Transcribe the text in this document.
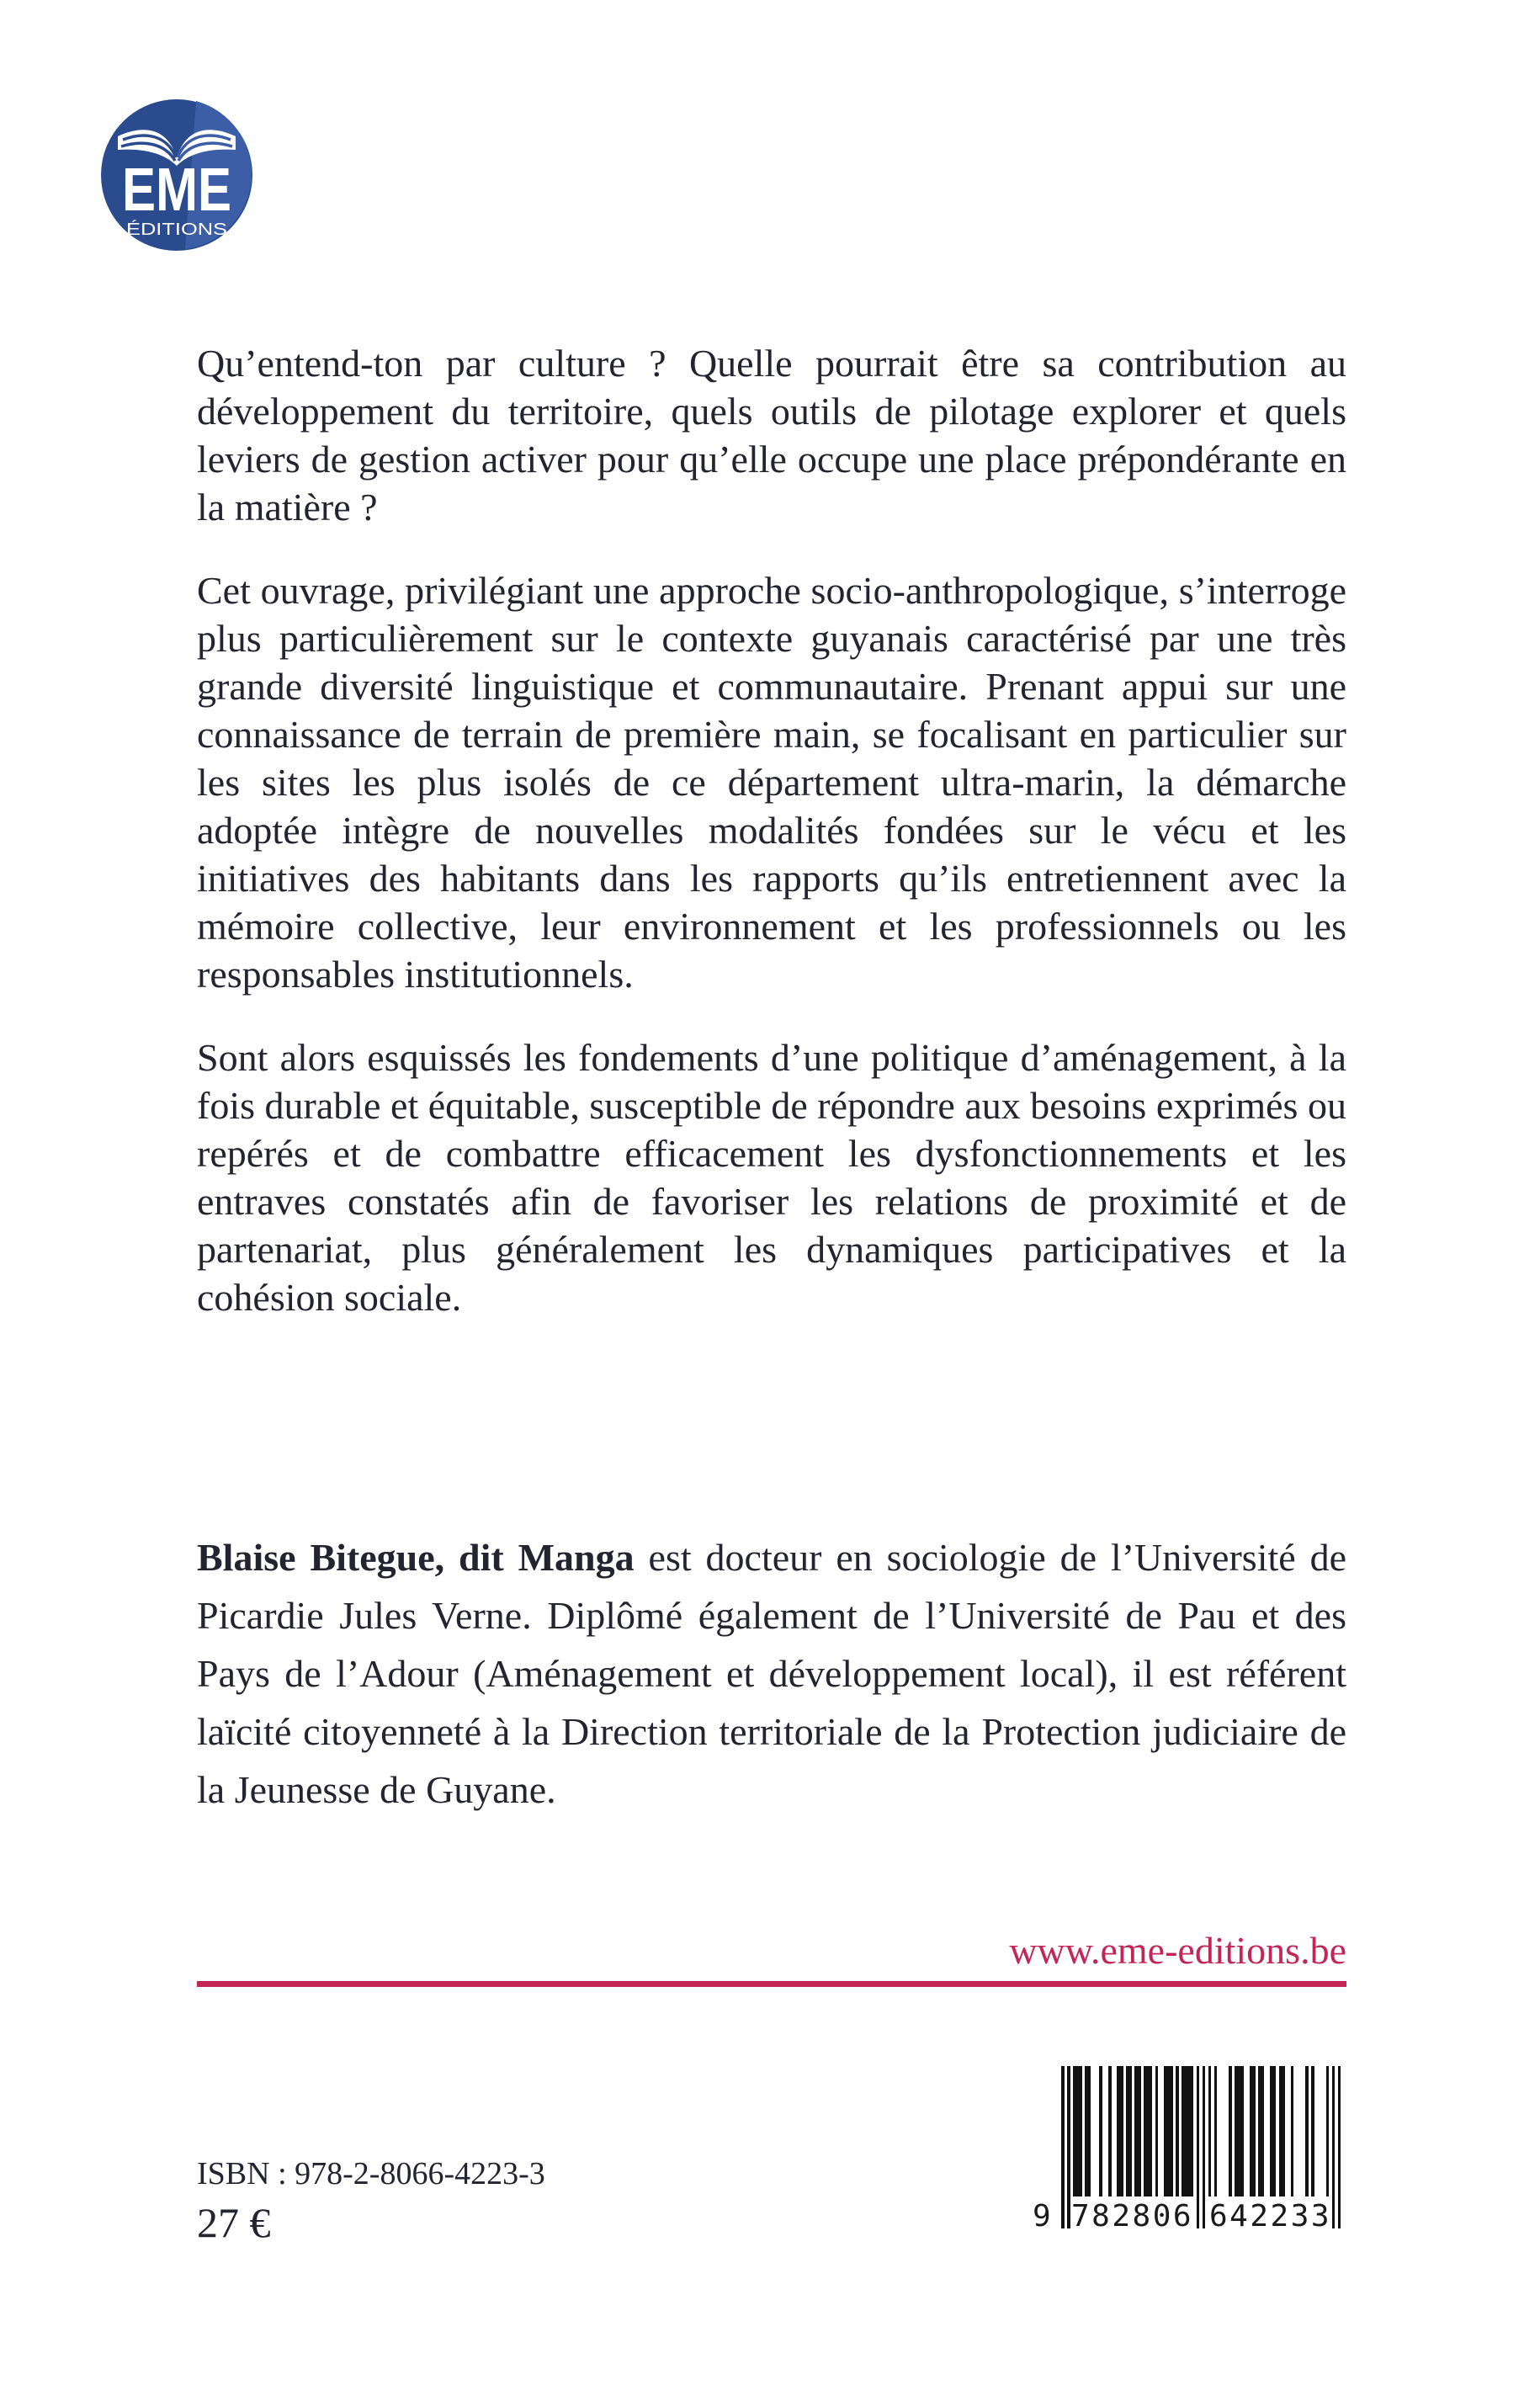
EME
ÉDITIONS

Qu’entend-ton par culture ? Quelle pourrait être sa contribution au développement du territoire, quels outils de pilotage explorer et quels leviers de gestion activer pour qu’elle occupe une place prépondérante en la matière ?

Cet ouvrage, privilégiant une approche socio-anthropologique, s’interroge plus particulièrement sur le contexte guyanais caractérisé par une très grande diversité linguistique et communautaire. Prenant appui sur une connaissance de terrain de première main, se focalisant en particulier sur les sites les plus isolés de ce département ultra-marin, la démarche adoptée intègre de nouvelles modalités fondées sur le vécu et les initiatives des habitants dans les rapports qu’ils entretiennent avec la mémoire collective, leur environnement et les professionnels ou les responsables institutionnels.

Sont alors esquissés les fondements d’une politique d’aménagement, à la fois durable et équitable, susceptible de répondre aux besoins exprimés ou repérés et de combattre efficacement les dysfonctionnements et les entraves constatés afin de favoriser les relations de proximité et de partenariat, plus généralement les dynamiques participatives et la cohésion sociale.

Blaise Bitegue, dit Manga est docteur en sociologie de l’Université de Picardie Jules Verne. Diplômé également de l’Université de Pau et des Pays de l’Adour (Aménagement et développement local), il est référent laïcité citoyenneté à la Direction territoriale de la Protection judiciaire de la Jeunesse de Guyane.
www.eme-editions.be
ISBN : 978-2-8066-4223-3
27 €	9 782806 642233
